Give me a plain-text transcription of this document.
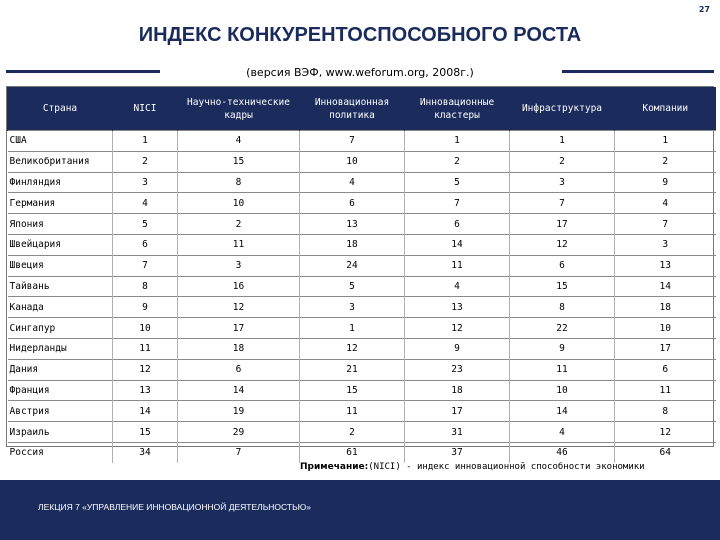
27
ИНДЕКС КОНКУРЕНТОСПОСОБНОГО РОСТА
(версия ВЭФ, www.weforum.org, 2008г.)
Страна	NICI	Научно-технические кадры	Инновационная политика	Инновационные кластеры	Инфраструктура	Компании
США	1	4	7	1	1	1
Великобритания	2	15	10	2	2	2
Финляндия	3	8	4	5	3	9
Германия	4	10	6	7	7	4
Япония	5	2	13	6	17	7
Швейцария	6	11	18	14	12	3
Швеция	7	3	24	11	6	13
Тайвань	8	16	5	4	15	14
Канада	9	12	3	13	8	18
Сингапур	10	17	1	12	22	10
Нидерланды	11	18	12	9	9	17
Дания	12	6	21	23	11	6
Франция	13	14	15	18	10	11
Австрия	14	19	11	17	14	8
Израиль	15	29	2	31	4	12
Россия	34	7	61	37	46	64
Примечание:(NICI) - индекс инновационной способности экономики
ЛЕКЦИЯ 7 «УПРАВЛЕНИЕ ИННОВАЦИОННОЙ ДЕЯТЕЛЬНОСТЬЮ»
